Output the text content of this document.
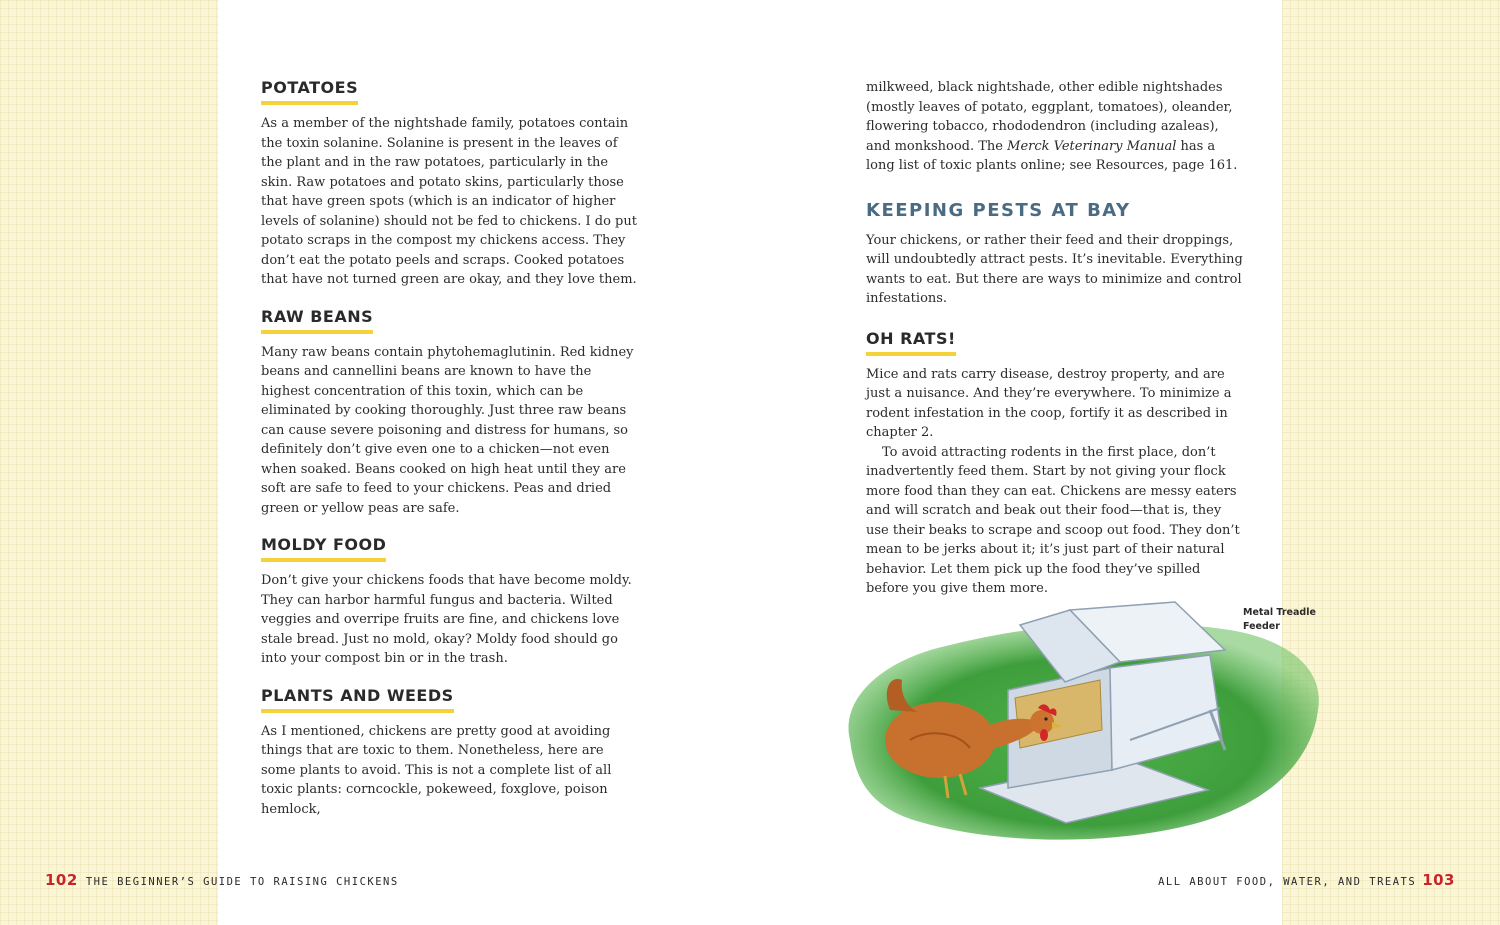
POTATOES

As a member of the nightshade family, potatoes contain the toxin solanine. Solanine is present in the leaves of the plant and in the raw potatoes, particularly in the skin. Raw potatoes and potato skins, particularly those that have green spots (which is an indicator of higher levels of solanine) should not be fed to chickens. I do put potato scraps in the compost my chickens access. They don’t eat the potato peels and scraps. Cooked potatoes that have not turned green are okay, and they love them.

RAW BEANS

Many raw beans contain phytohemaglutinin. Red kidney beans and cannellini beans are known to have the highest concentration of this toxin, which can be eliminated by cooking thoroughly. Just three raw beans can cause severe poisoning and distress for humans, so definitely don’t give even one to a chicken—not even when soaked. Beans cooked on high heat until they are soft are safe to feed to your chickens. Peas and dried green or yellow peas are safe.

MOLDY FOOD

Don’t give your chickens foods that have become moldy. They can harbor harmful fungus and bacteria. Wilted veggies and overripe fruits are fine, and chickens love stale bread. Just no mold, okay? Moldy food should go into your compost bin or in the trash.

PLANTS AND WEEDS

As I mentioned, chickens are pretty good at avoiding things that are toxic to them. Nonetheless, here are some plants to avoid. This is not a complete list of all toxic plants: corncockle, pokeweed, foxglove, poison hemlock,

milkweed, black nightshade, other edible nightshades (mostly leaves of potato, eggplant, tomatoes), oleander, flowering tobacco, rhododendron (including azaleas), and monkshood. The Merck Veterinary Manual has a long list of toxic plants online; see Resources, page 161.

KEEPING PESTS AT BAY

Your chickens, or rather their feed and their droppings, will undoubtedly attract pests. It’s inevitable. Everything wants to eat. But there are ways to minimize and control infestations.

OH RATS!

Mice and rats carry disease, destroy property, and are just a nuisance. And they’re everywhere. To minimize a rodent infestation in the coop, fortify it as described in chapter 2.

To avoid attracting rodents in the first place, don’t inadvertently feed them. Start by not giving your flock more food than they can eat. Chickens are messy eaters and will scratch and beak out their food—that is, they use their beaks to scrape and scoop out food. They don’t mean to be jerks about it; it’s just part of their natural behavior. Let them pick up the food they’ve spilled before you give them more.

Metal Treadle Feeder
102 THE BEGINNER’S GUIDE TO RAISING CHICKENS	ALL ABOUT FOOD, WATER, AND TREATS 103
